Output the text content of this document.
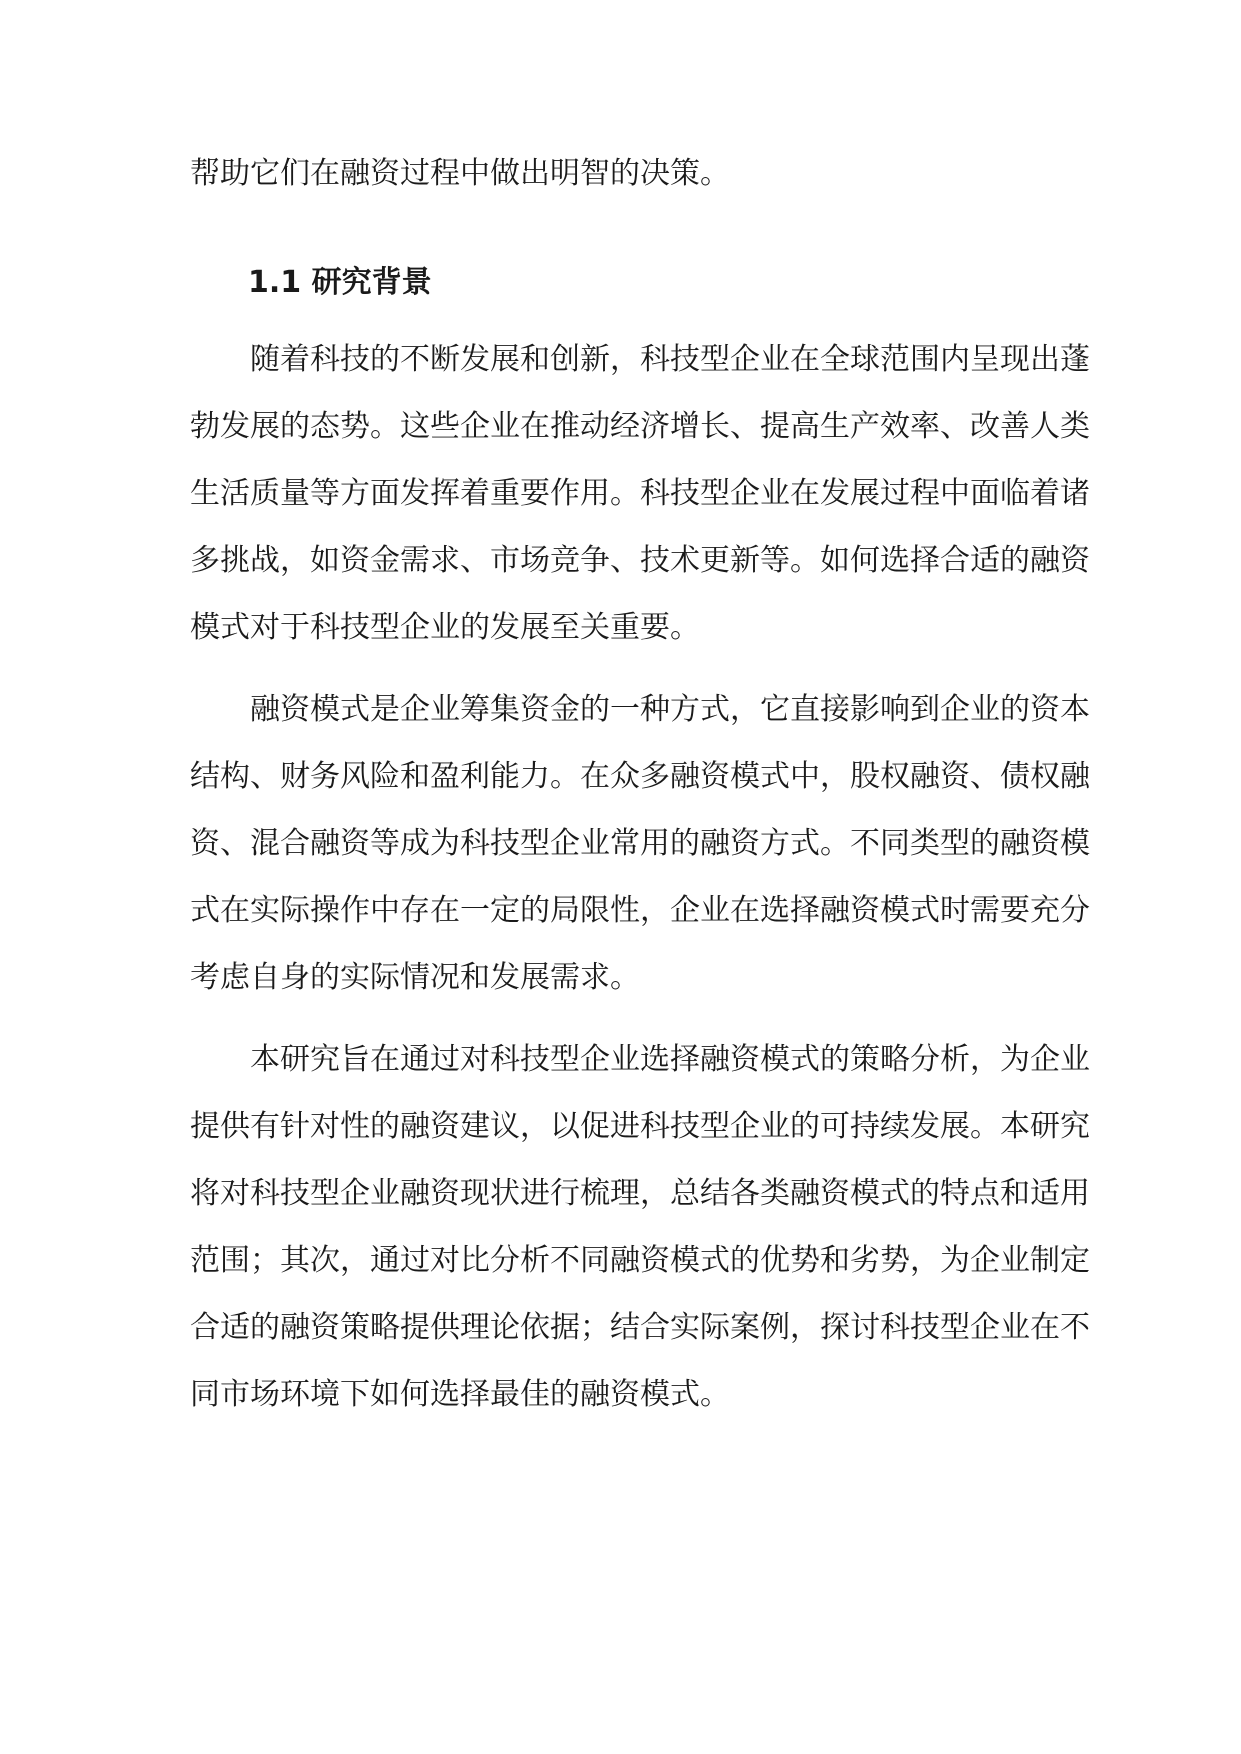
帮助它们在融资过程中做出明智的决策。
1.1 研究背景
随着科技的不断发展和创新，科技型企业在全球范围内呈现出蓬
勃发展的态势。这些企业在推动经济增长、提高生产效率、改善人类
生活质量等方面发挥着重要作用。科技型企业在发展过程中面临着诸
多挑战，如资金需求、市场竞争、技术更新等。如何选择合适的融资
模式对于科技型企业的发展至关重要。
融资模式是企业筹集资金的一种方式，它直接影响到企业的资本
结构、财务风险和盈利能力。在众多融资模式中，股权融资、债权融
资、混合融资等成为科技型企业常用的融资方式。不同类型的融资模
式在实际操作中存在一定的局限性，企业在选择融资模式时需要充分
考虑自身的实际情况和发展需求。
本研究旨在通过对科技型企业选择融资模式的策略分析，为企业
提供有针对性的融资建议，以促进科技型企业的可持续发展。本研究
将对科技型企业融资现状进行梳理，总结各类融资模式的特点和适用
范围；其次，通过对比分析不同融资模式的优势和劣势，为企业制定
合适的融资策略提供理论依据；结合实际案例，探讨科技型企业在不
同市场环境下如何选择最佳的融资模式。
